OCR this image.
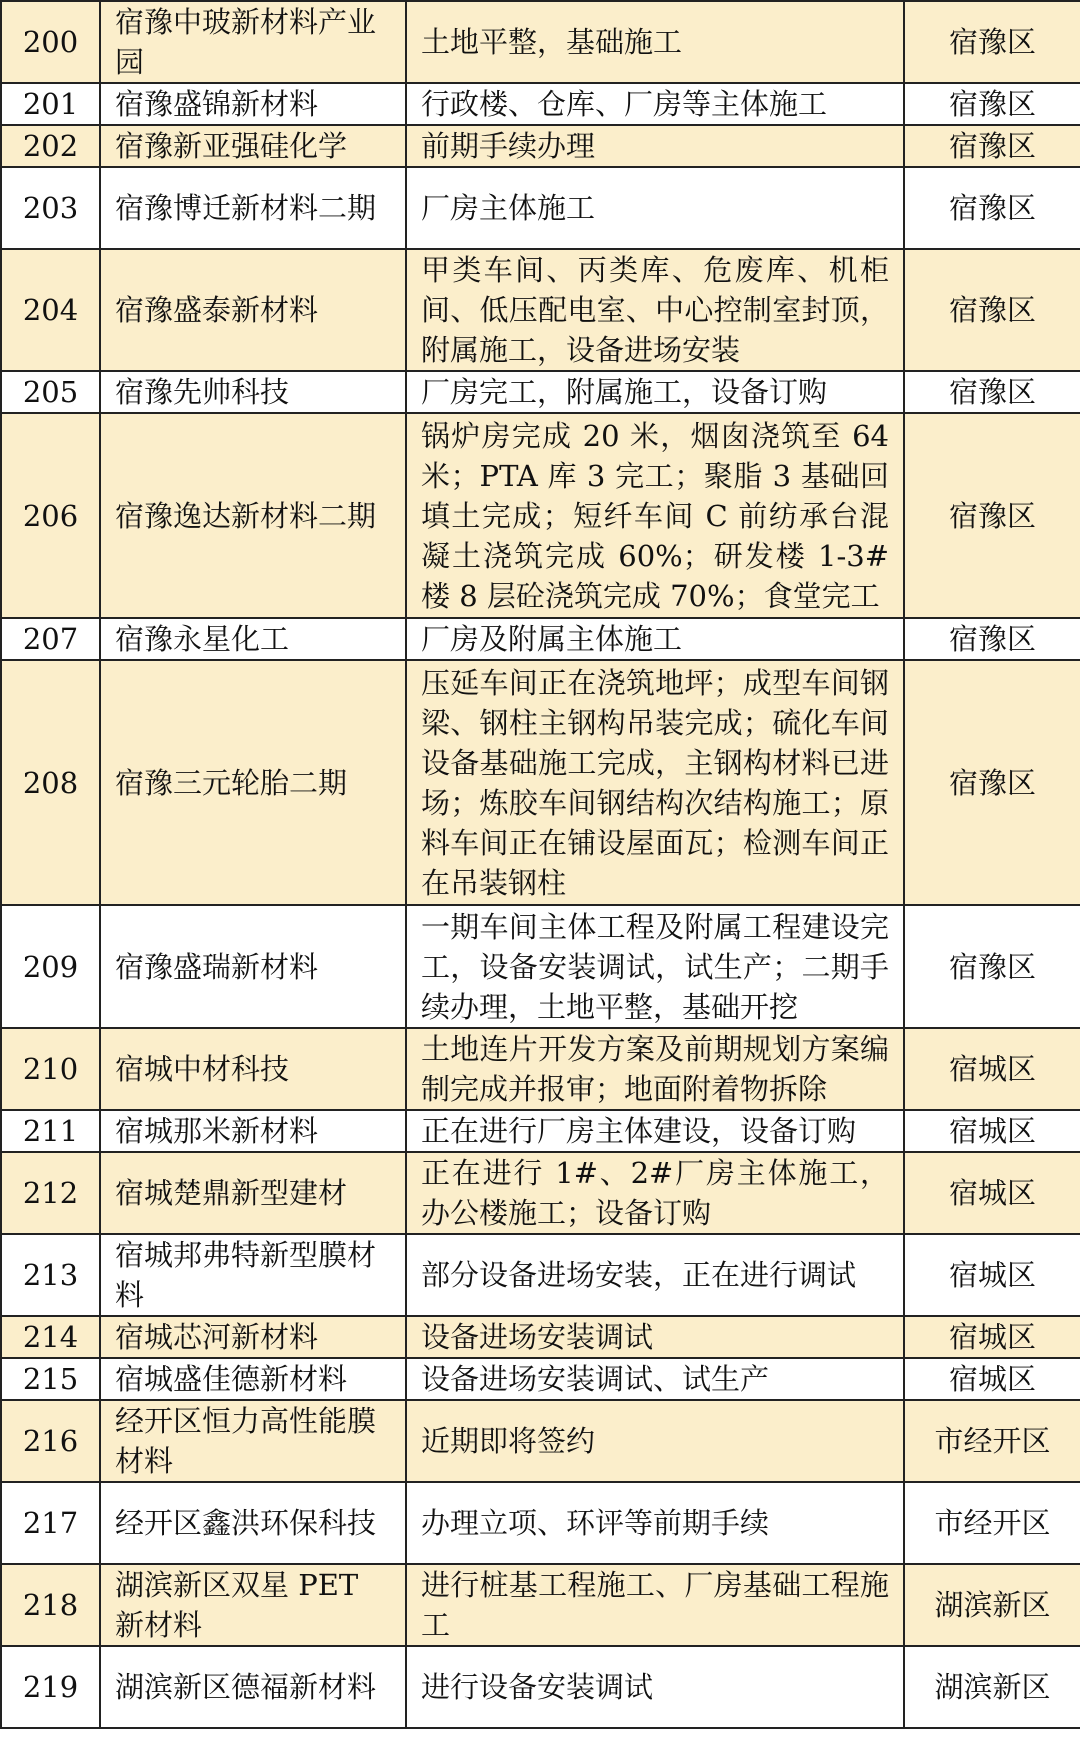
200	宿豫中玻新材料产业园	土地平整，基础施工	宿豫区
201	宿豫盛锦新材料	行政楼、仓库、厂房等主体施工	宿豫区
202	宿豫新亚强硅化学	前期手续办理	宿豫区
203	宿豫博迁新材料二期	厂房主体施工	宿豫区
204	宿豫盛泰新材料	甲类车间、丙类库、危废库、机柜间、低压配电室、中心控制室封顶，附属施工，设备进场安装	宿豫区
205	宿豫先帅科技	厂房完工，附属施工，设备订购	宿豫区
206	宿豫逸达新材料二期	锅炉房完成 20 米，烟囱浇筑至 64 米；PTA 库 3 完工；聚脂 3 基础回填土完成；短纤车间 C 前纺承台混凝土浇筑完成 60%；研发楼 1-3#楼 8 层砼浇筑完成 70%；食堂完工	宿豫区
207	宿豫永星化工	厂房及附属主体施工	宿豫区
208	宿豫三元轮胎二期	压延车间正在浇筑地坪；成型车间钢梁、钢柱主钢构吊装完成；硫化车间设备基础施工完成，主钢构材料已进场；炼胶车间钢结构次结构施工；原料车间正在铺设屋面瓦；检测车间正在吊装钢柱	宿豫区
209	宿豫盛瑞新材料	一期车间主体工程及附属工程建设完工，设备安装调试，试生产；二期手续办理，土地平整，基础开挖	宿豫区
210	宿城中材科技	土地连片开发方案及前期规划方案编制完成并报审；地面附着物拆除	宿城区
211	宿城那米新材料	正在进行厂房主体建设，设备订购	宿城区
212	宿城楚鼎新型建材	正在进行 1#、2#厂房主体施工，办公楼施工；设备订购	宿城区
213	宿城邦弗特新型膜材料	部分设备进场安装，正在进行调试	宿城区
214	宿城芯河新材料	设备进场安装调试	宿城区
215	宿城盛佳德新材料	设备进场安装调试、试生产	宿城区
216	经开区恒力高性能膜材料	近期即将签约	市经开区
217	经开区鑫洪环保科技	办理立项、环评等前期手续	市经开区
218	湖滨新区双星 PET 新材料	进行桩基工程施工、厂房基础工程施工	湖滨新区
219	湖滨新区德福新材料	进行设备安装调试	湖滨新区
